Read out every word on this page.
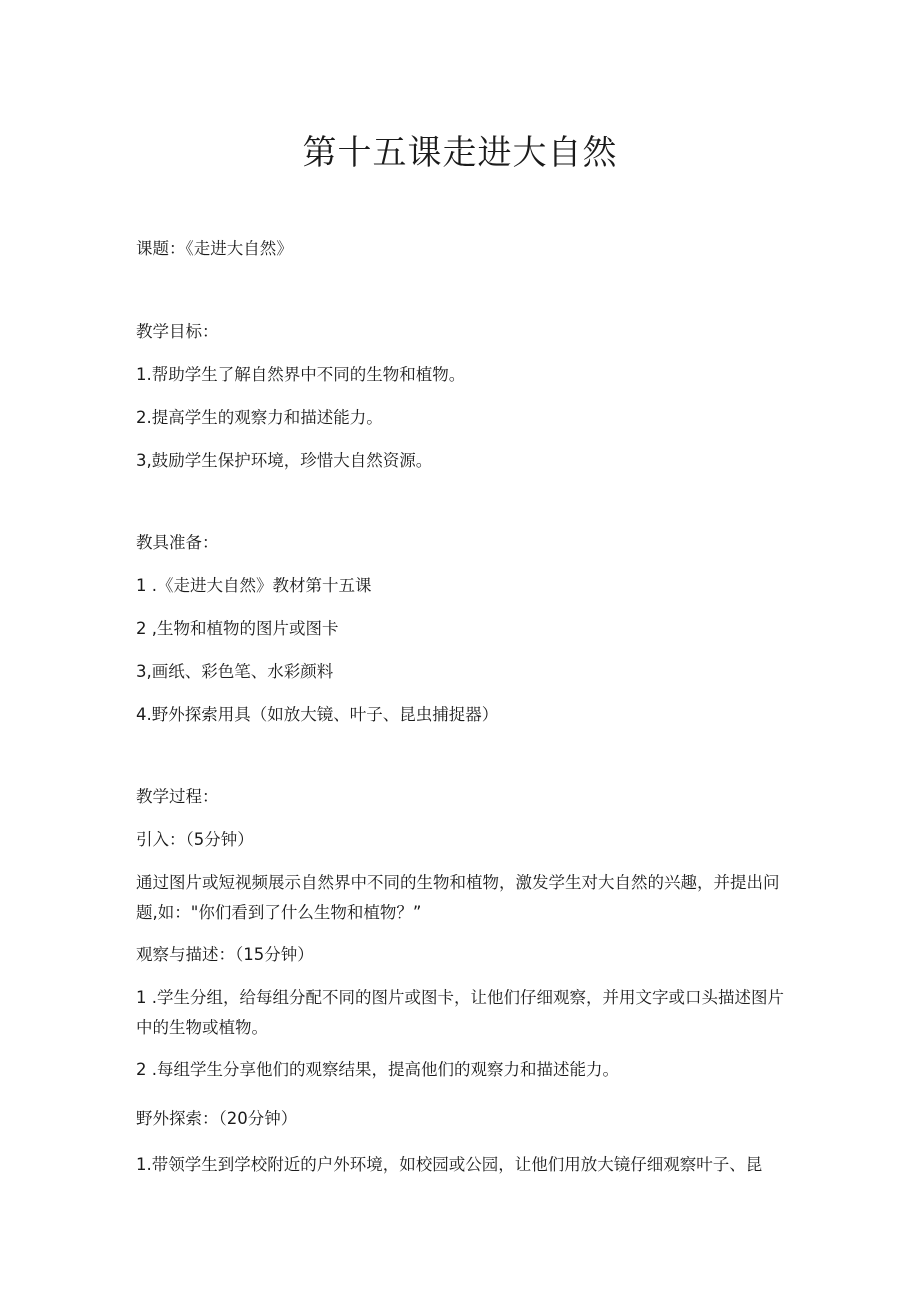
第十五课走进大自然

课题：《走进大自然》

教学目标：

1.帮助学生了解自然界中不同的生物和植物。

2.提高学生的观察力和描述能力。

3,鼓励学生保护环境，珍惜大自然资源。

教具准备：

1 .《走进大自然》教材第十五课

2 ,生物和植物的图片或图卡

3,画纸、彩色笔、水彩颜料

4.野外探索用具（如放大镜、叶子、昆虫捕捉器）

教学过程：

引入：（5分钟）

通过图片或短视频展示自然界中不同的生物和植物，激发学生对大自然的兴趣，并提出问题,如："你们看到了什么生物和植物？”

观察与描述：（15分钟）

1 .学生分组，给每组分配不同的图片或图卡，让他们仔细观察，并用文字或口头描述图片中的生物或植物。

2 .每组学生分享他们的观察结果，提高他们的观察力和描述能力。

野外探索：（20分钟）

1.带领学生到学校附近的户外环境，如校园或公园，让他们用放大镜仔细观察叶子、昆
